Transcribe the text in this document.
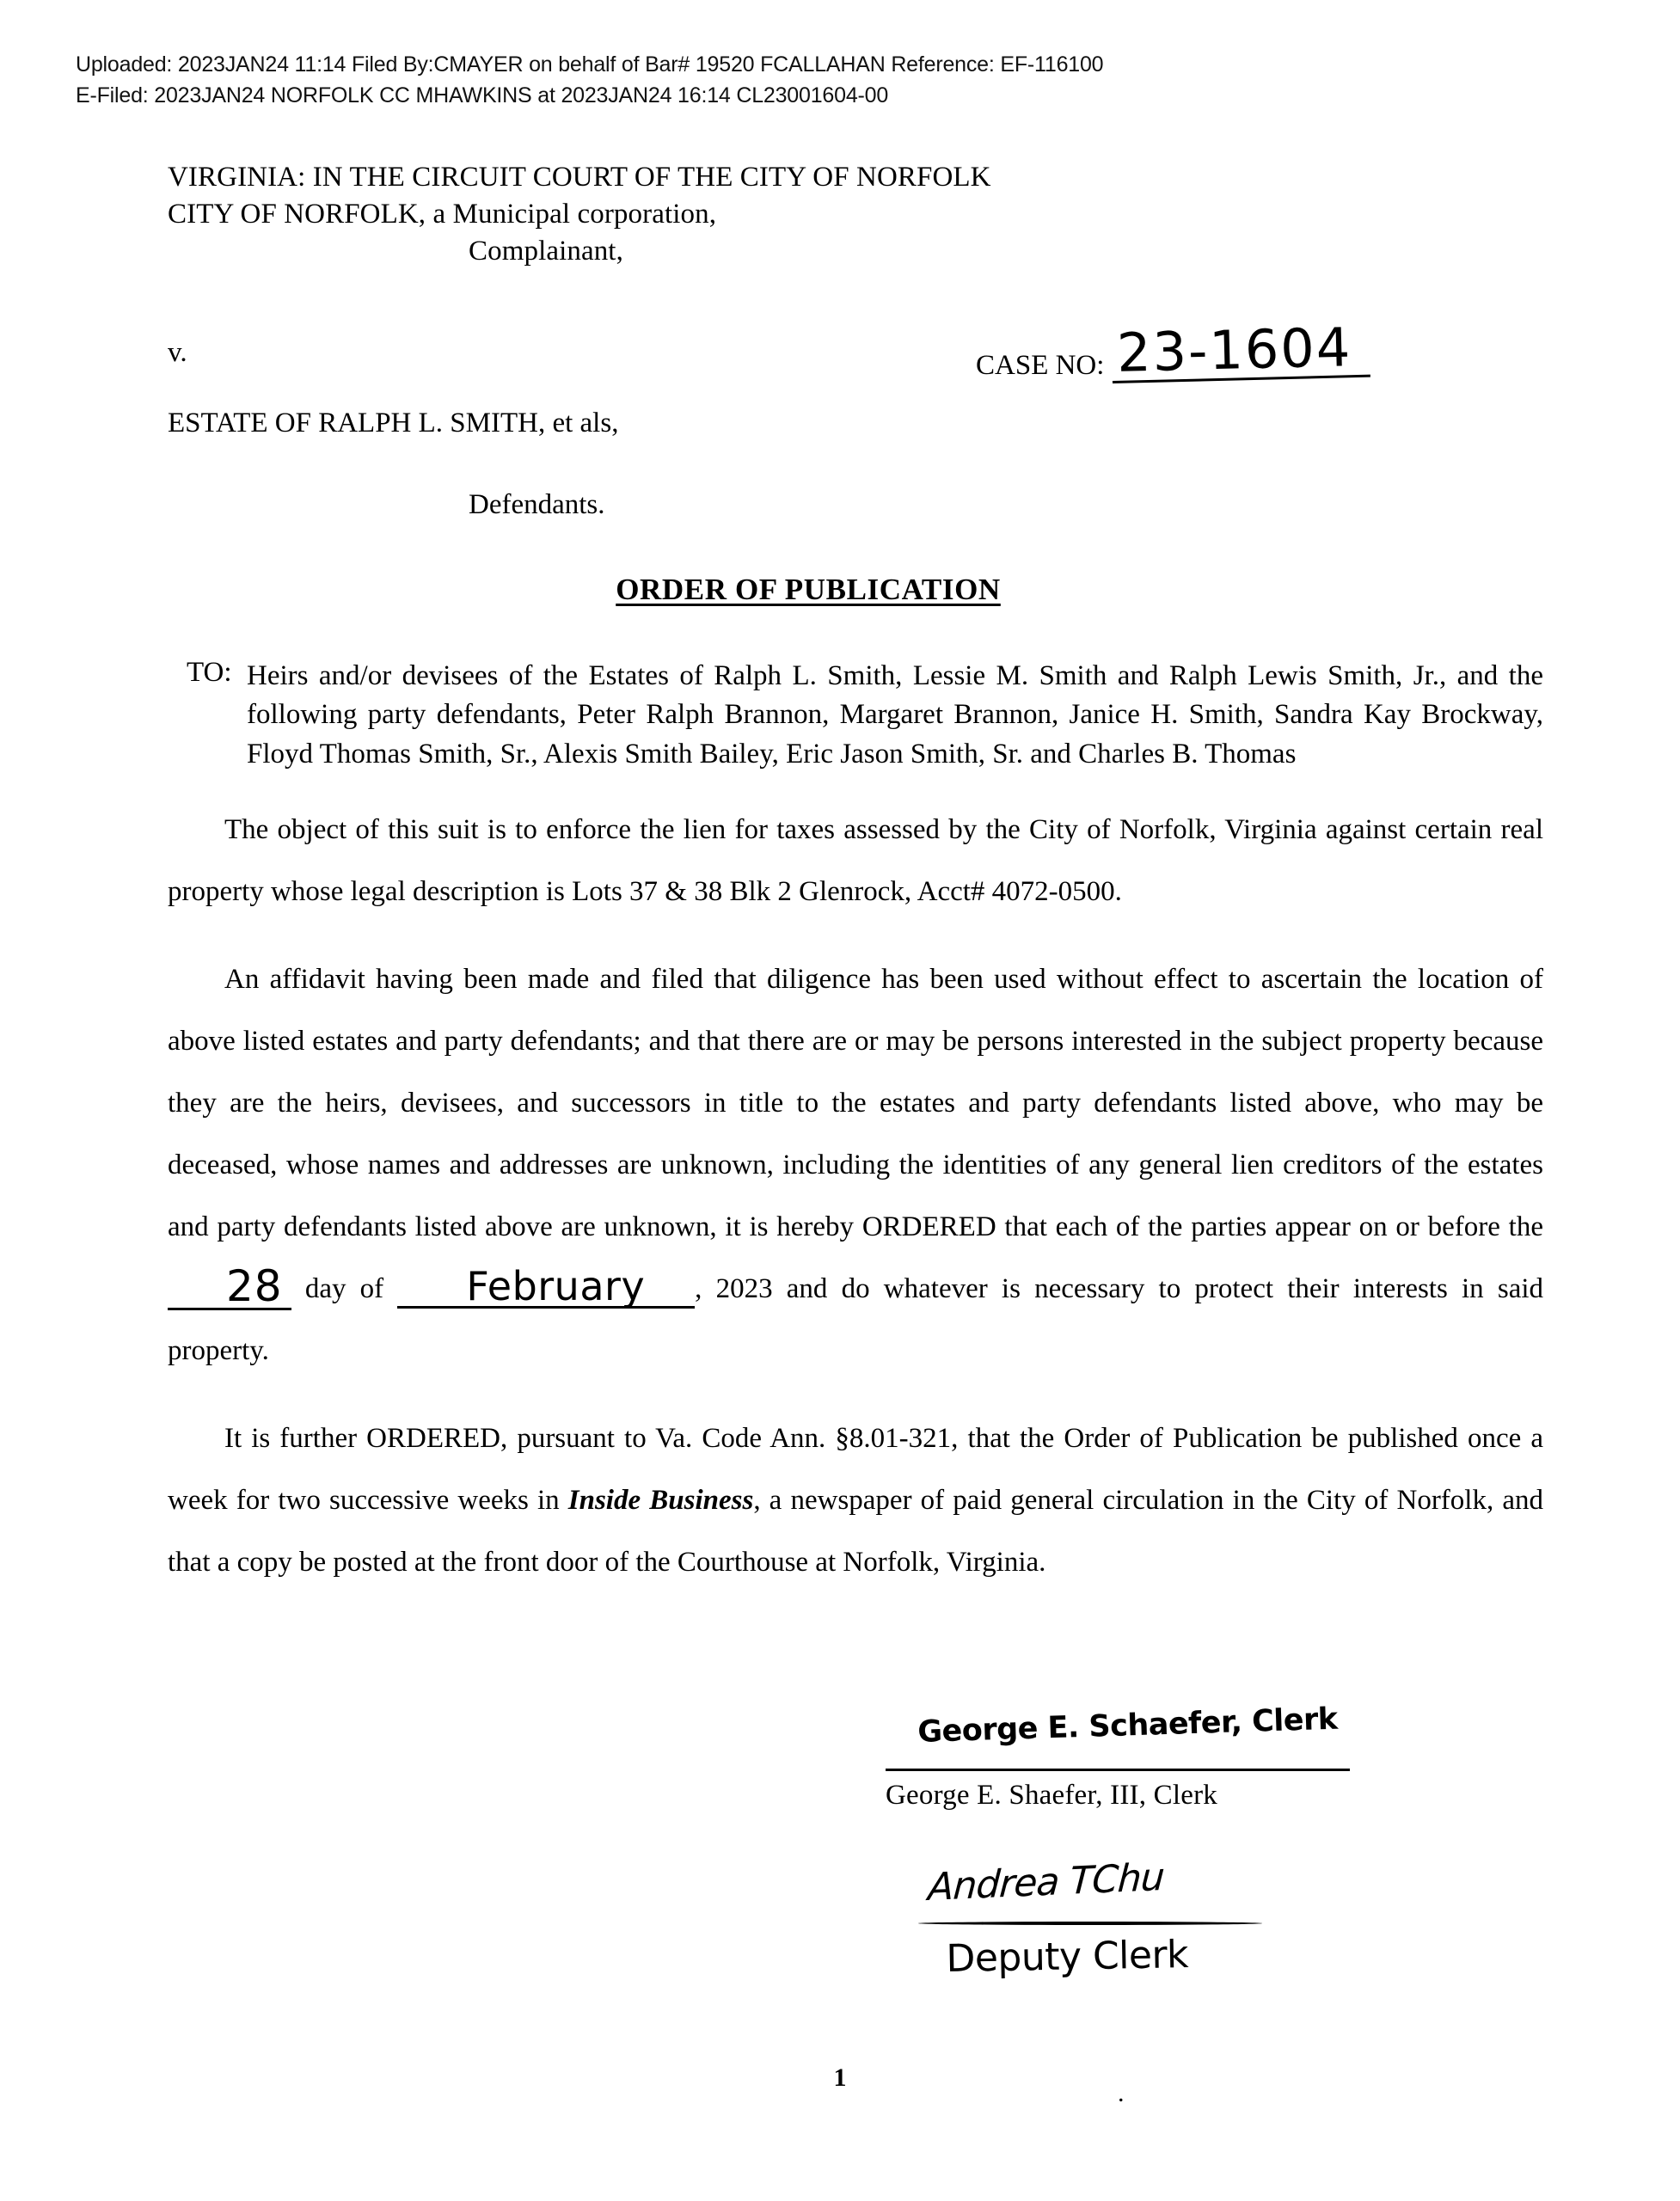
Uploaded: 2023JAN24 11:14 Filed By:CMAYER on behalf of Bar# 19520 FCALLAHAN Reference: EF-116100
E-Filed: 2023JAN24 NORFOLK CC MHAWKINS at 2023JAN24 16:14 CL23001604-00
VIRGINIA: IN THE CIRCUIT COURT OF THE CITY OF NORFOLK
CITY OF NORFOLK, a Municipal corporation,
Complainant,
v.	CASE NO: 23-1604
ESTATE OF RALPH L. SMITH, et als,
Defendants.
ORDER OF PUBLICATION
TO: Heirs and/or devisees of the Estates of Ralph L. Smith, Lessie M. Smith and Ralph Lewis Smith, Jr., and the following party defendants, Peter Ralph Brannon, Margaret Brannon, Janice H. Smith, Sandra Kay Brockway, Floyd Thomas Smith, Sr., Alexis Smith Bailey, Eric Jason Smith, Sr. and Charles B. Thomas

The object of this suit is to enforce the lien for taxes assessed by the City of Norfolk, Virginia against certain real property whose legal description is Lots 37 & 38 Blk 2 Glenrock, Acct# 4072-0500.

An affidavit having been made and filed that diligence has been used without effect to ascertain the location of above listed estates and party defendants; and that there are or may be persons interested in the subject property because they are the heirs, devisees, and successors in title to the estates and party defendants listed above, who may be deceased, whose names and addresses are unknown, including the identities of any general lien creditors of the estates and party defendants listed above are unknown, it is hereby ORDERED that each of the parties appear on or before the 28 day of February , 2023 and do whatever is necessary to protect their interests in said property.

It is further ORDERED, pursuant to Va. Code Ann. §8.01-321, that the Order of Publication be published once a week for two successive weeks in Inside Business, a newspaper of paid general circulation in the City of Norfolk, and that a copy be posted at the front door of the Courthouse at Norfolk, Virginia.

George E. Schaefer, Clerk
George E. Shaefer, III, Clerk
Andrea TChu
Deputy Clerk
1
.
